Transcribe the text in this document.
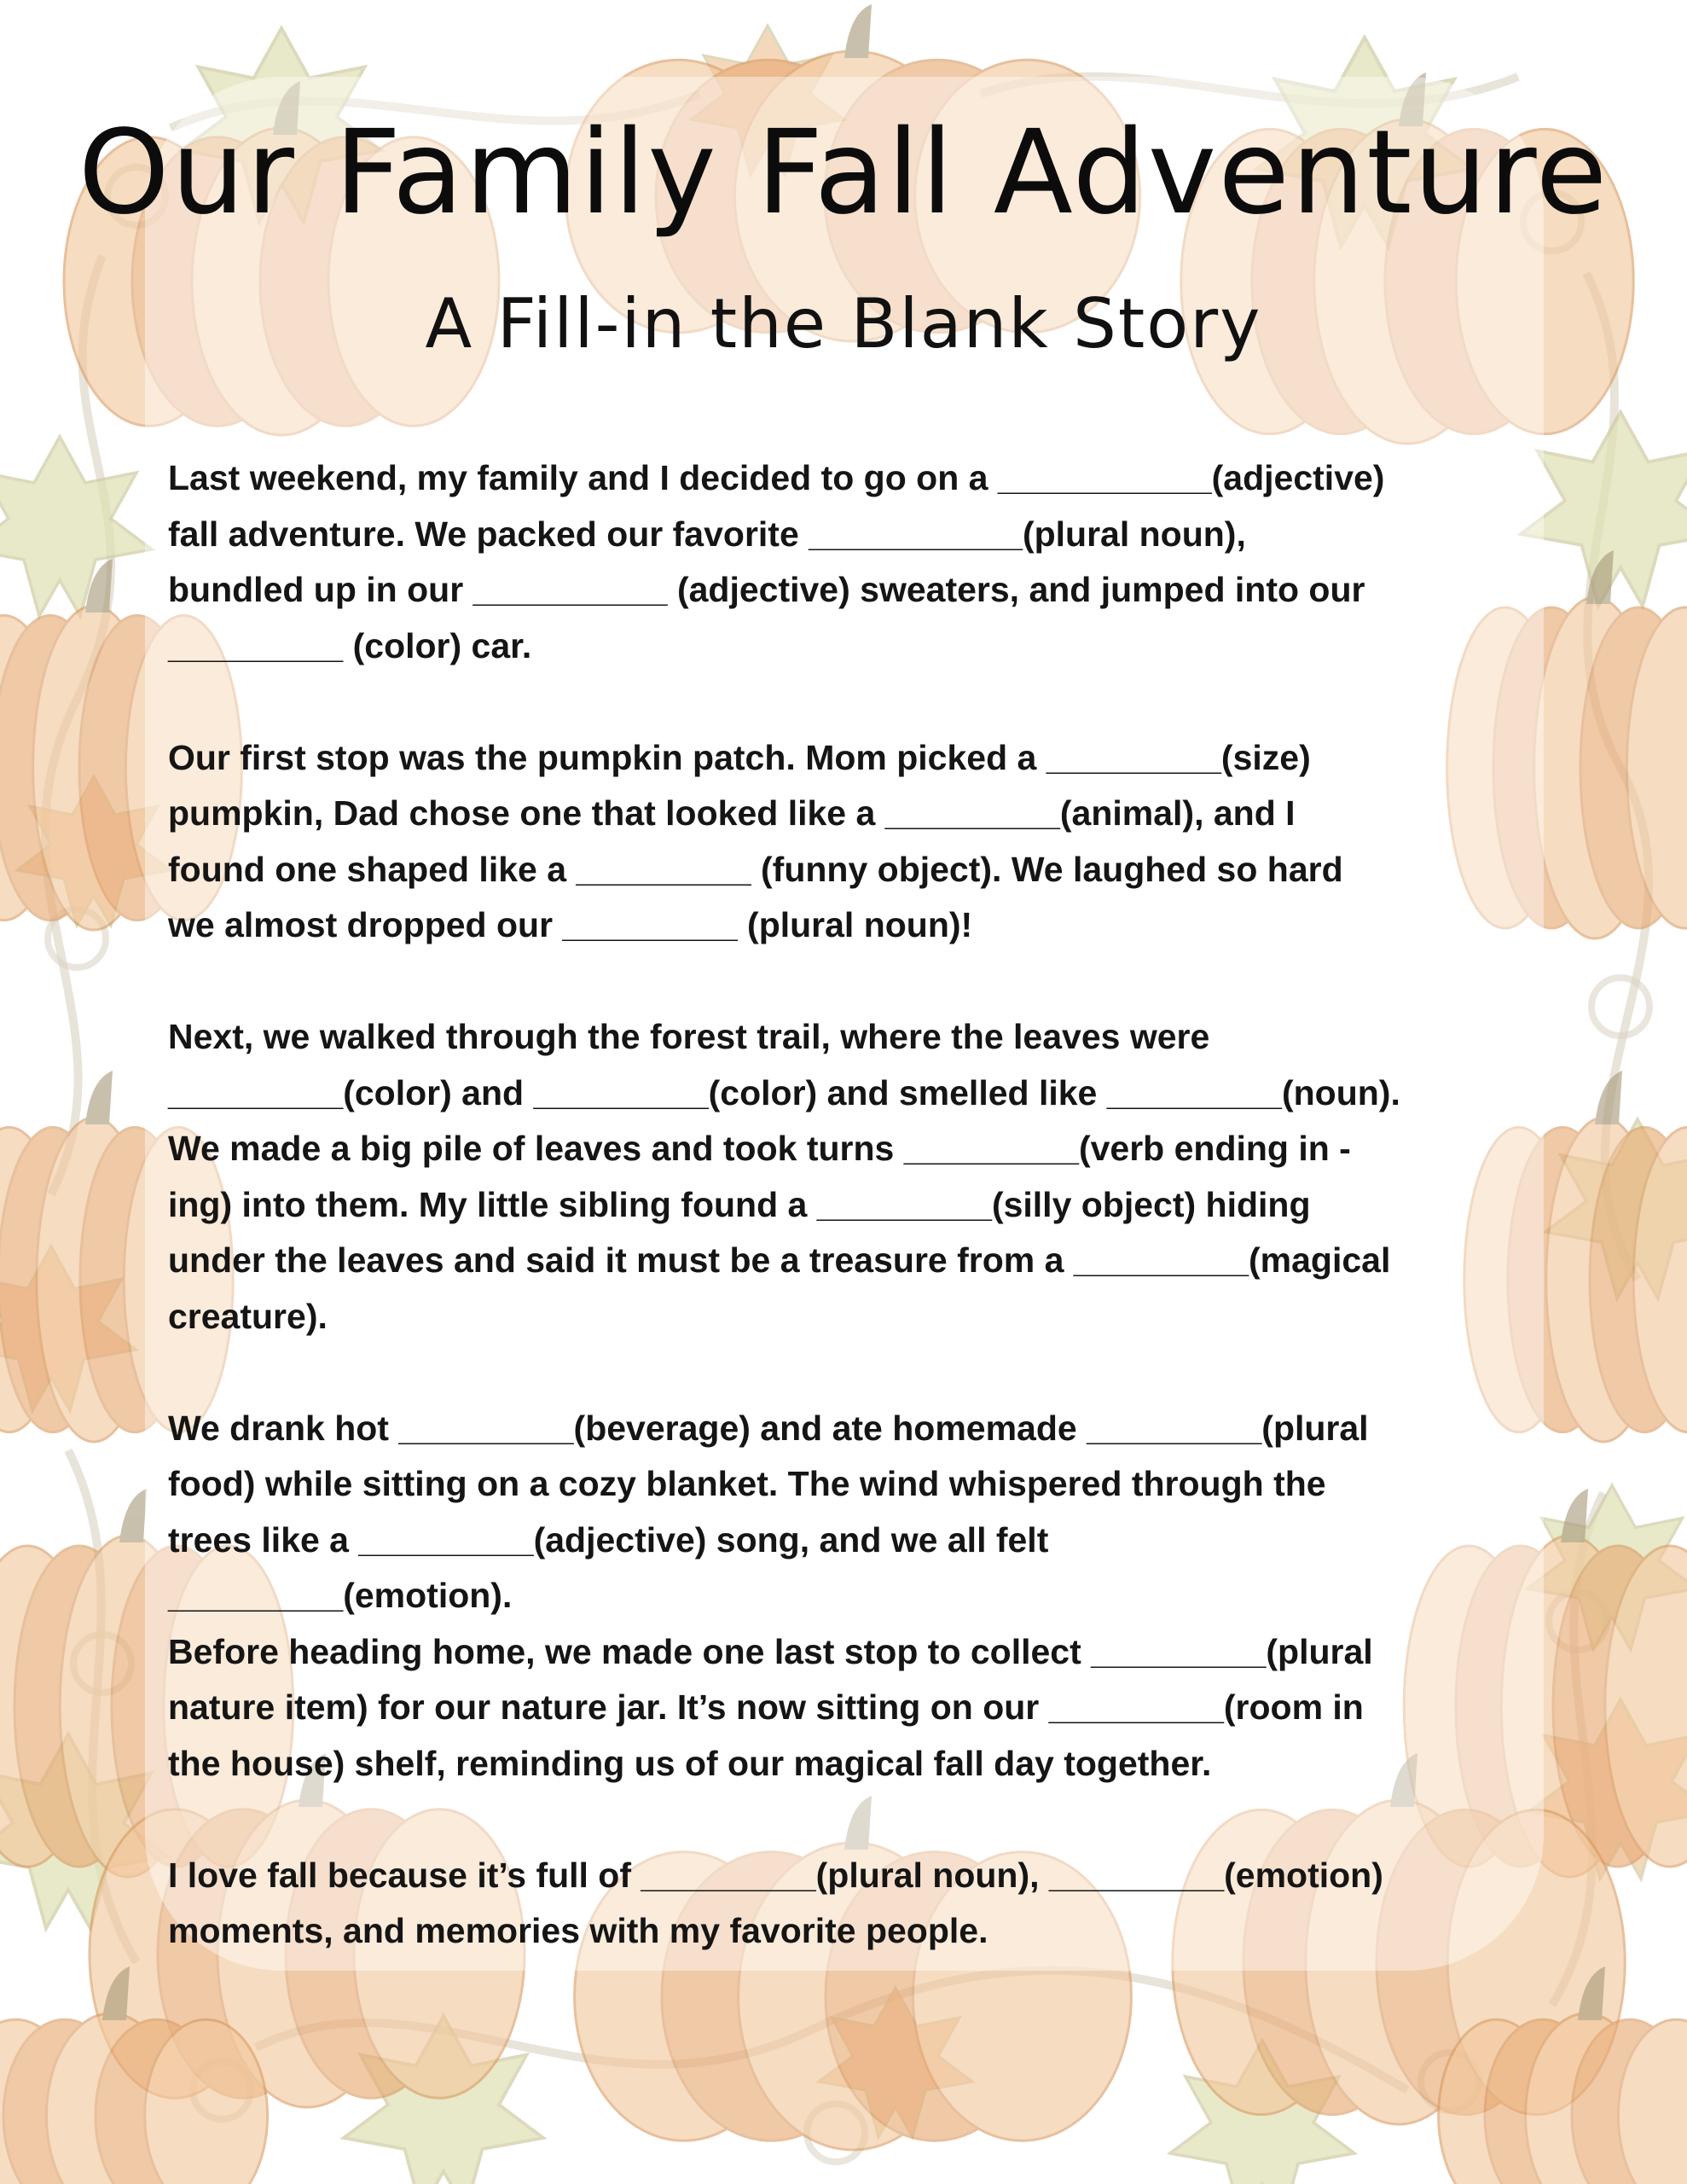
Our Family Fall Adventure
A Fill-in the Blank Story

Last weekend, my family and I decided to go on a ___________(adjective)
fall adventure. We packed our favorite ___________(plural noun),
bundled up in our __________ (adjective) sweaters, and jumped into our
_________ (color) car.

Our first stop was the pumpkin patch. Mom picked a _________(size)
pumpkin, Dad chose one that looked like a _________(animal), and I
found one shaped like a _________ (funny object). We laughed so hard
we almost dropped our _________ (plural noun)!

Next, we walked through the forest trail, where the leaves were
_________(color) and _________(color) and smelled like _________(noun).
We made a big pile of leaves and took turns _________(verb ending in -
ing) into them. My little sibling found a _________(silly object) hiding
under the leaves and said it must be a treasure from a _________(magical
creature).

We drank hot _________(beverage) and ate homemade _________(plural
food) while sitting on a cozy blanket. The wind whispered through the
trees like a _________(adjective) song, and we all felt
_________(emotion).

Before heading home, we made one last stop to collect _________(plural
nature item) for our nature jar. It’s now sitting on our _________(room in
the house) shelf, reminding us of our magical fall day together.

I love fall because it’s full of _________(plural noun), _________(emotion)
moments, and memories with my favorite people.
